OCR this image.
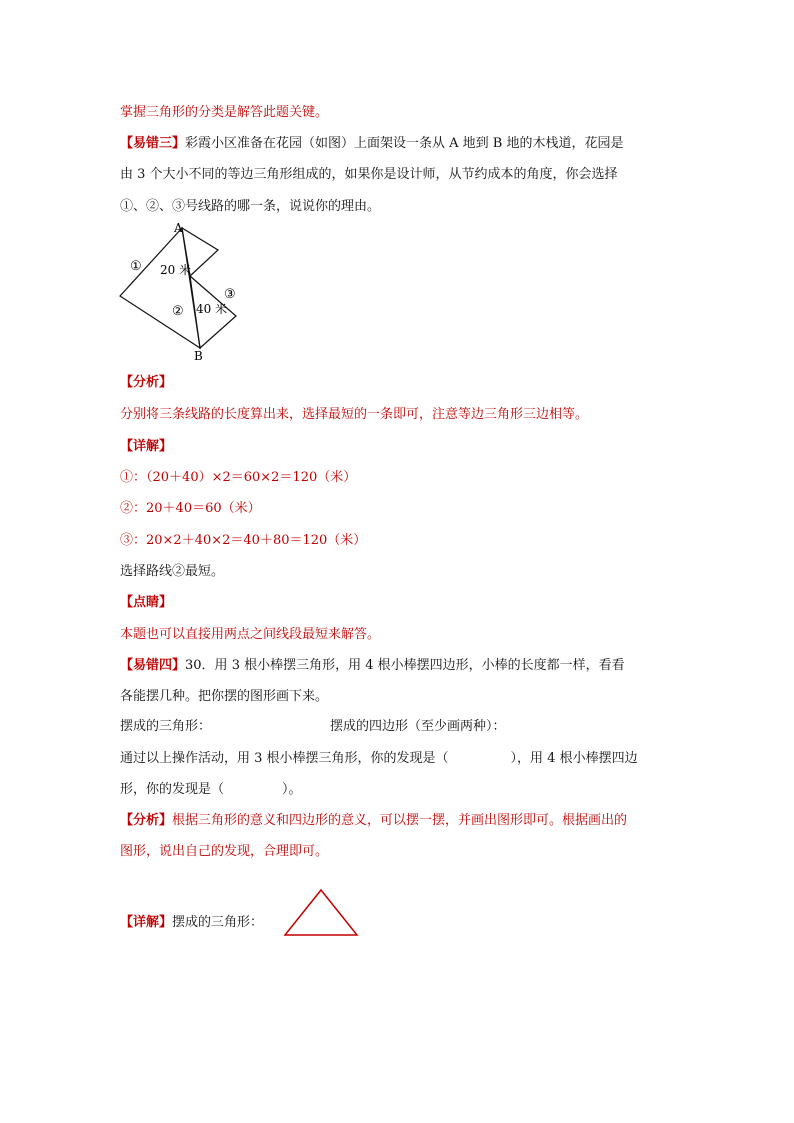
掌握三角形的分类是解答此题关键。
【易错三】彩霞小区准备在花园（如图）上面架设一条从 A 地到 B 地的木栈道，花园是
由 3 个大小不同的等边三角形组成的，如果你是设计师，从节约成本的角度，你会选择
①、②、③号线路的哪一条，说说你的理由。
A
B
①
②
③
20 米
40 米
【分析】
分别将三条线路的长度算出来，选择最短的一条即可，注意等边三角形三边相等。
【详解】
①：（20＋40）×2＝60×2＝120（米）
②：20＋40＝60（米）
③：20×2＋40×2＝40＋80＝120（米）
选择路线②最短。
【点睛】
本题也可以直接用两点之间线段最短来解答。
【易错四】30．用 3 根小棒摆三角形，用 4 根小棒摆四边形，小棒的长度都一样，看看
各能摆几种。把你摆的图形画下来。
摆成的三角形：	摆成的四边形（至少画两种）：
通过以上操作活动，用 3 根小棒摆三角形，你的发现是（	），用 4 根小棒摆四边
形，你的发现是（	）。
【分析】根据三角形的意义和四边形的意义，可以摆一摆，并画出图形即可。根据画出的
图形，说出自己的发现，合理即可。
【详解】摆成的三角形：
